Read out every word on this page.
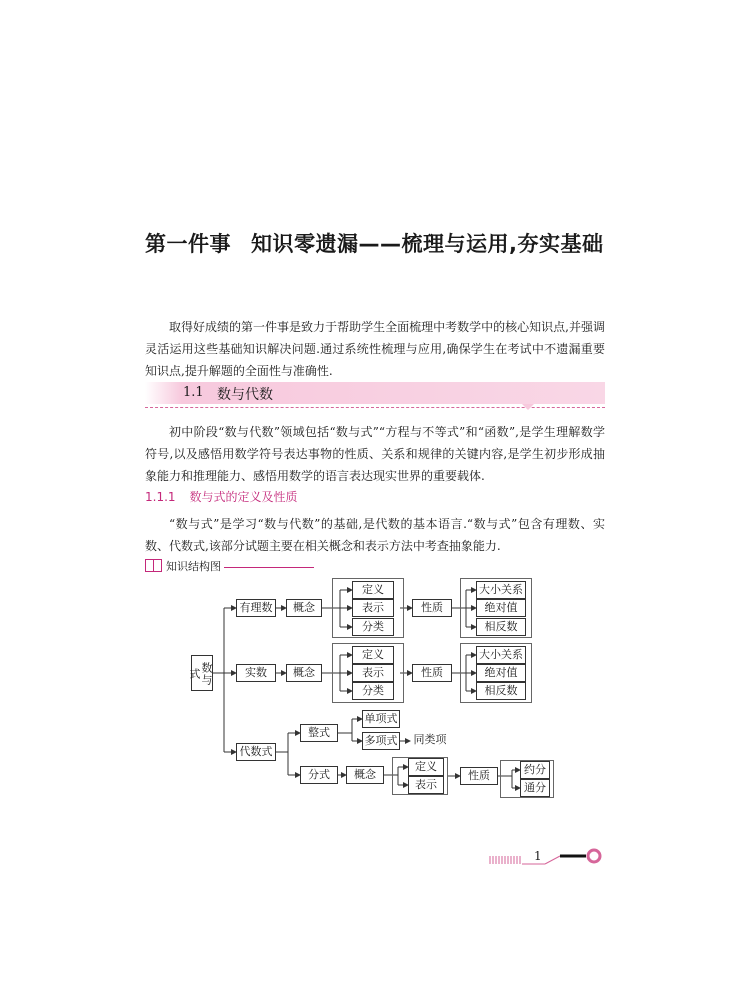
第一件事 知识零遗漏——梳理与运用,夯实基础
取得好成绩的第一件事是致力于帮助学生全面梳理中考数学中的核心知识点,并强调灵活运用这些基础知识解决问题.通过系统性梳理与应用,确保学生在考试中不遗漏重要知识点,提升解题的全面性与准确性.
1.1 数与代数
初中阶段“数与代数”领域包括“数与式”“方程与不等式”和“函数”,是学生理解数学符号,以及感悟用数学符号表达事物的性质、关系和规律的关键内容,是学生初步形成抽象能力和推理能力、感悟用数学的语言表达现实世界的重要载体.
1.1.1 数与式的定义及性质
“数与式”是学习“数与代数”的基础,是代数的基本语言.“数与式”包含有理数、实数、代数式,该部分试题主要在相关概念和表示方法中考查抽象能力.
知识结构图
数与式
有理数	概念
定义
表示
分类
性质
大小关系
绝对值
相反数
实数	概念
定义
表示
分类
性质
大小关系
绝对值
相反数
代数式
整式
单项式
多项式	同类项
分式	概念
定义
表示
性质	约分
通分
1
